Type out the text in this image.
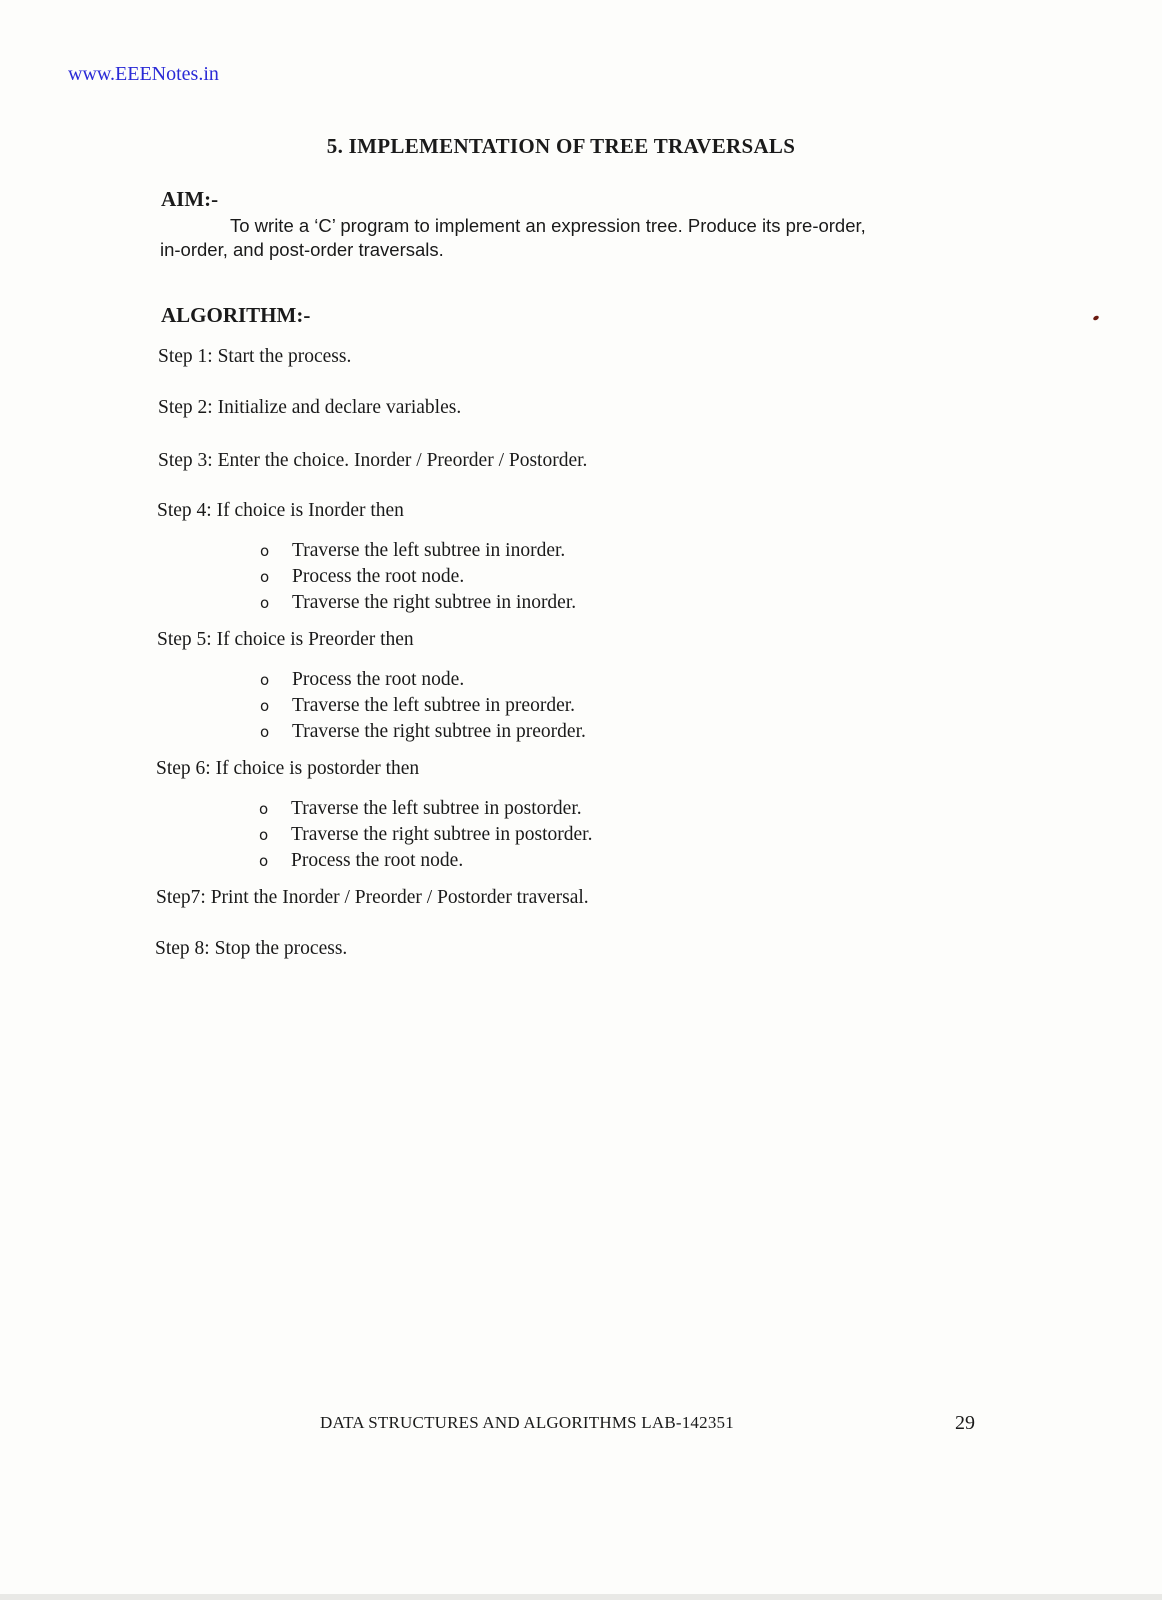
www.EEENotes.in
5. IMPLEMENTATION OF TREE TRAVERSALS
AIM:-

To write a ‘C’ program to implement an expression tree. Produce its pre-order,
in-order, and post-order traversals.

ALGORITHM:-

Step 1: Start the process.

Step 2: Initialize and declare variables.

Step 3: Enter the choice. Inorder / Preorder / Postorder.

Step 4: If choice is Inorder then

o Traverse the left subtree in inorder.
o Process the root node.
o Traverse the right subtree in inorder.

Step 5: If choice is Preorder then

o Process the root node.
o Traverse the left subtree in preorder.
o Traverse the right subtree in preorder.

Step 6: If choice is postorder then

o Traverse the left subtree in postorder.
o Traverse the right subtree in postorder.
o Process the root node.

Step7: Print the Inorder / Preorder / Postorder traversal.

Step 8: Stop the process.

DATA STRUCTURES AND ALGORITHMS LAB-142351	29
